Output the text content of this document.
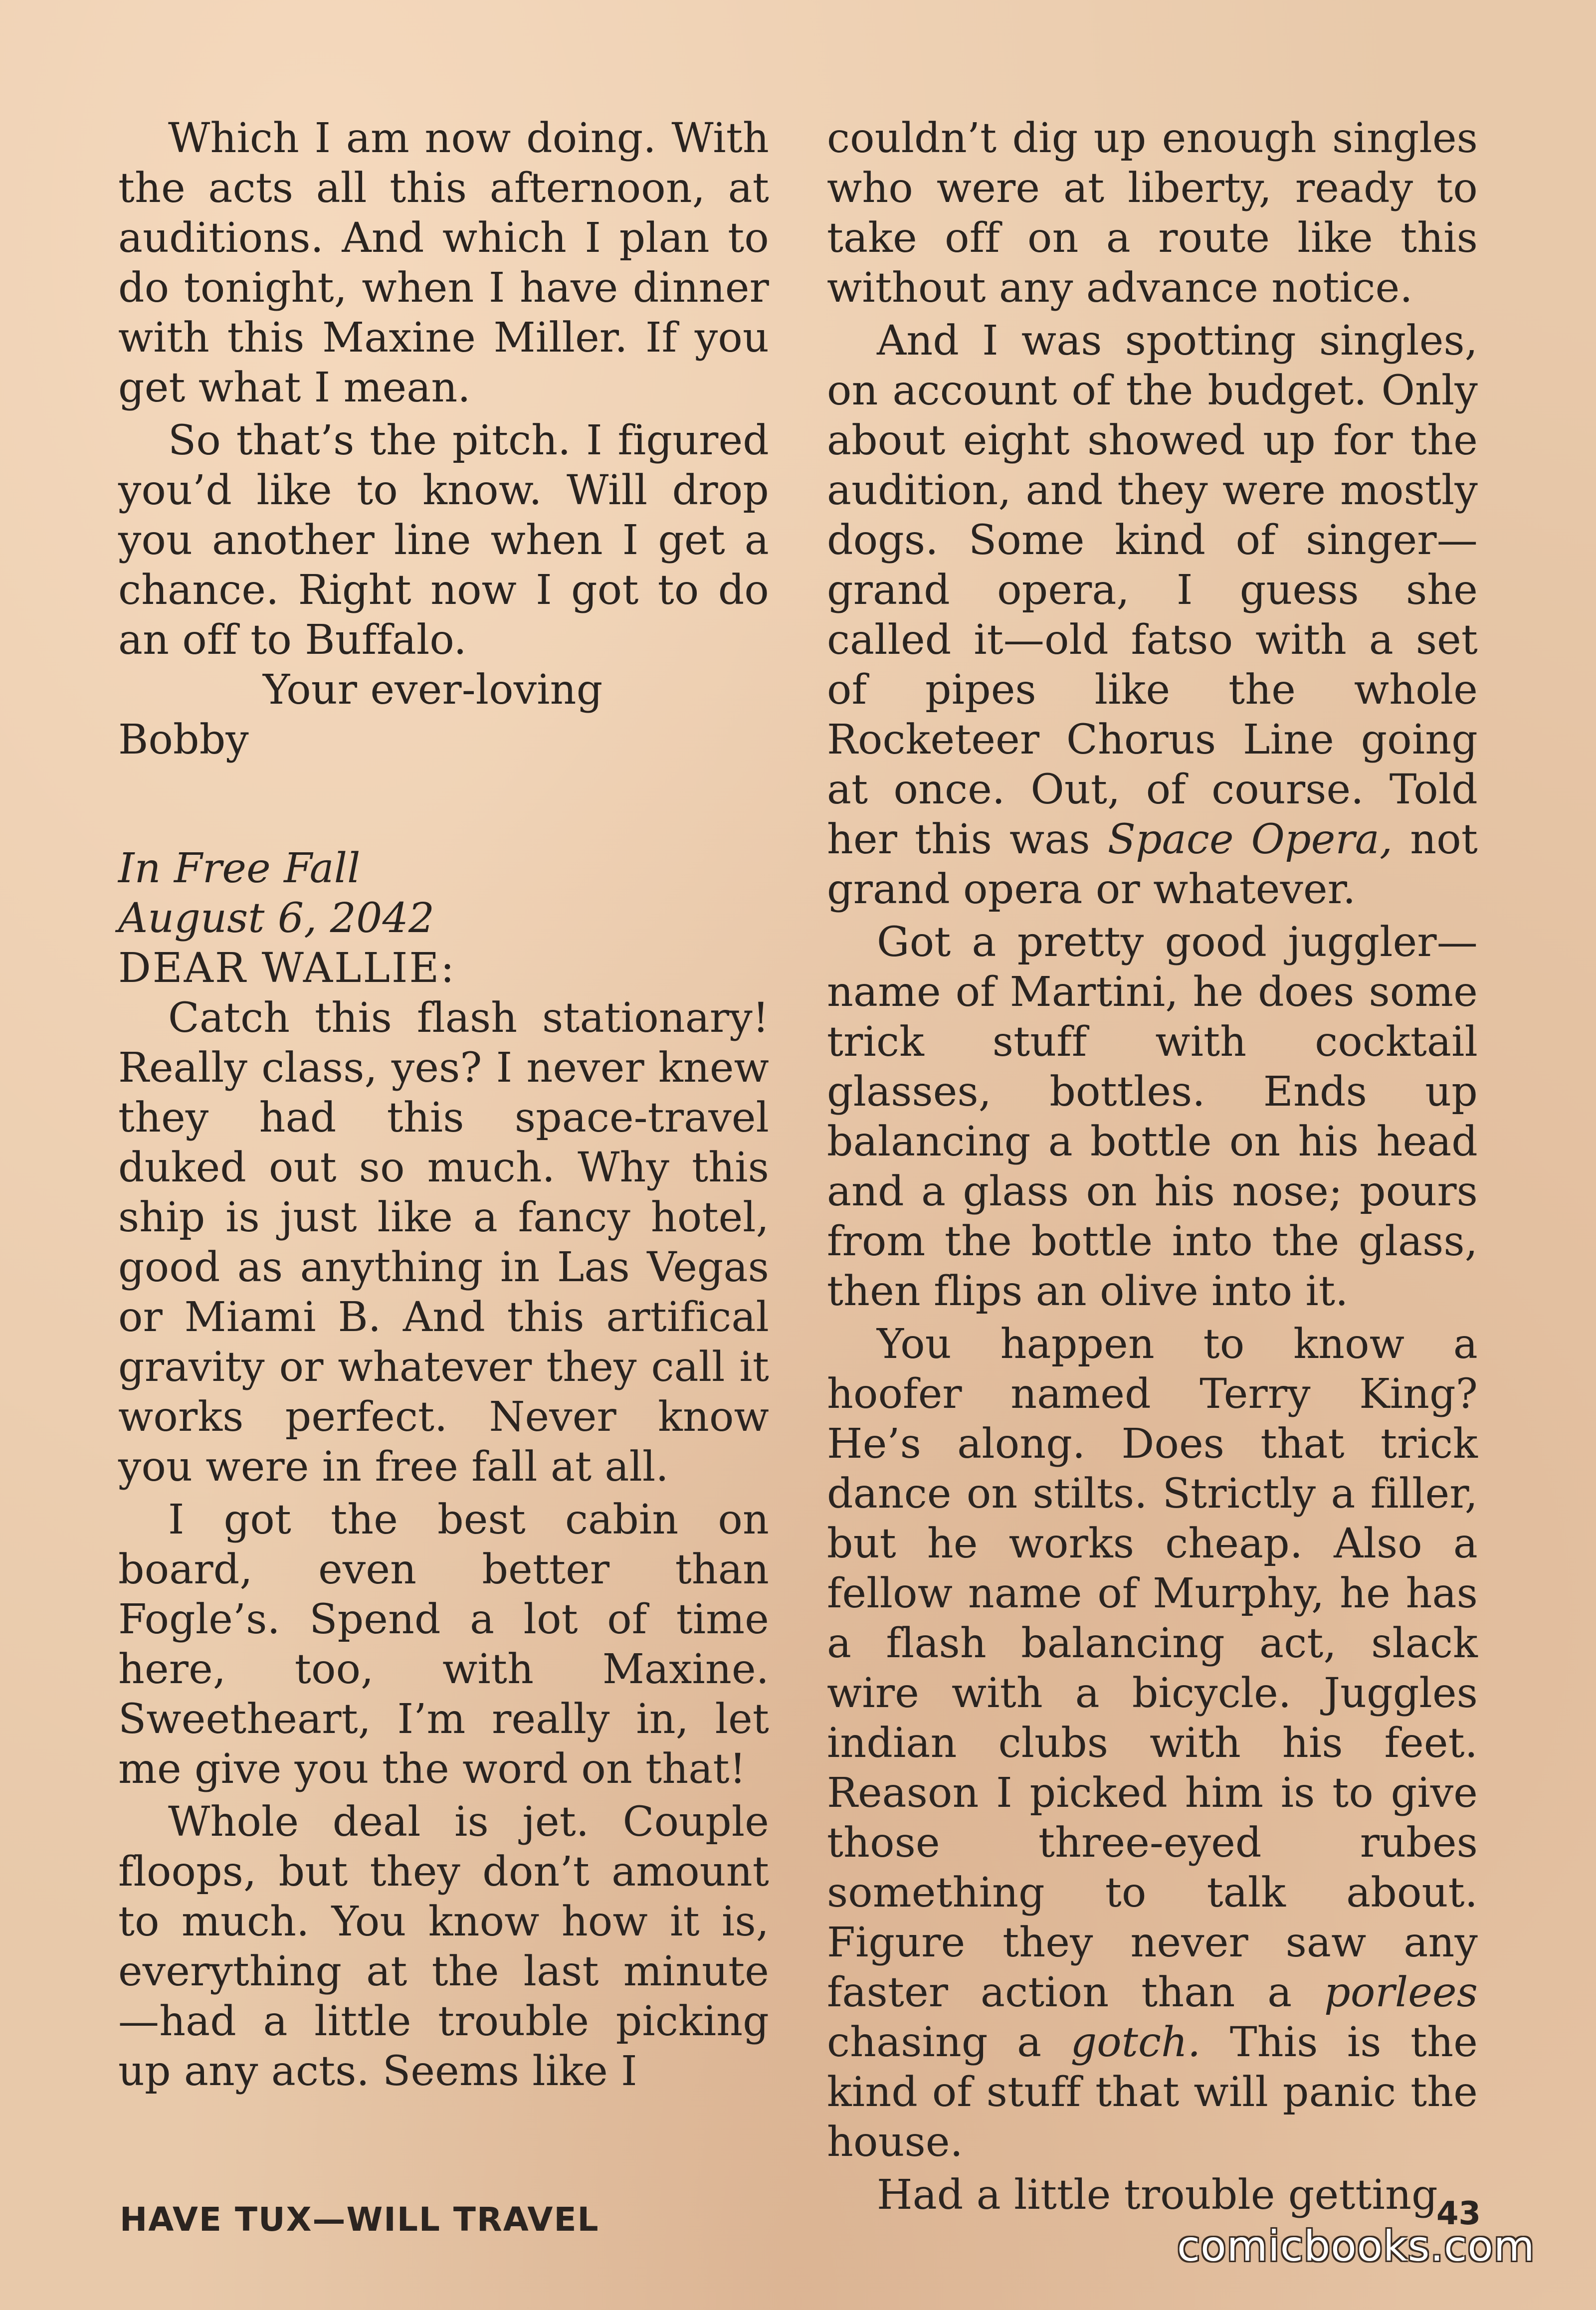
Which I am now doing. With the acts all this afternoon, at auditions. And which I plan to do tonight, when I have dinner with this Maxine Miller. If you get what I mean.

So that’s the pitch. I figured you’d like to know. Will drop you another line when I get a chance. Right now I got to do an off to Buffalo.

Your ever-loving

Bobby

In Free Fall

August 6, 2042

DEAR WALLIE:

Catch this flash stationary! Really class, yes? I never knew they had this space-travel duked out so much. Why this ship is just like a fancy hotel, good as anything in Las Vegas or Miami B. And this artifical gravity or whatever they call it works perfect. Never know you were in free fall at all.

I got the best cabin on board, even better than Fogle’s. Spend a lot of time here, too, with Maxine. Sweetheart, I’m really in, let me give you the word on that!

Whole deal is jet. Couple floops, but they don’t amount to much. You know how it is, everything at the last minute —had a little trouble picking up any acts. Seems like I

couldn’t dig up enough singles who were at liberty, ready to take off on a route like this without any advance notice.

And I was spotting singles, on account of the budget. Only about eight showed up for the audition, and they were mostly dogs. Some kind of singer—grand opera, I guess she called it—old fatso with a set of pipes like the whole Rocketeer Chorus Line going at once. Out, of course. Told her this was Space Opera, not grand opera or whatever.

Got a pretty good juggler—name of Martini, he does some trick stuff with cocktail glasses, bottles. Ends up balancing a bottle on his head and a glass on his nose; pours from the bottle into the glass, then flips an olive into it.

You happen to know a hoofer named Terry King? He’s along. Does that trick dance on stilts. Strictly a filler, but he works cheap. Also a fellow name of Murphy, he has a flash balancing act, slack wire with a bicycle. Juggles indian clubs with his feet. Reason I picked him is to give those three-eyed rubes something to talk about. Figure they never saw any faster action than a porlees chasing a gotch. This is the kind of stuff that will panic the house.

Had a little trouble getting

HAVE TUX—WILL TRAVEL	43
comicbooks.com
